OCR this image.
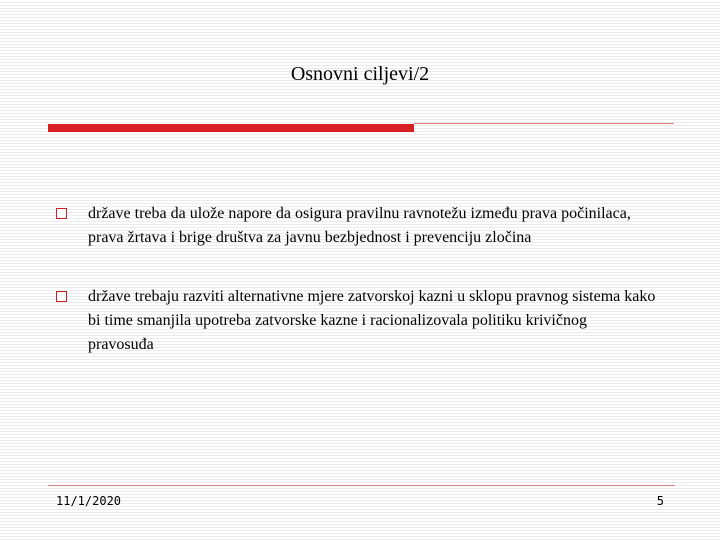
Osnovni ciljevi/2
države treba da ulože napore da osigura pravilnu ravnotežu između prava počinilaca, prava žrtava i brige društva za javnu bezbjednost i prevenciju zločina
države trebaju razviti alternativne mjere zatvorskoj kazni u sklopu pravnog sistema kako bi time smanjila upotreba zatvorske kazne i racionalizovala politiku krivičnog pravosuđa
11/1/2020	5
